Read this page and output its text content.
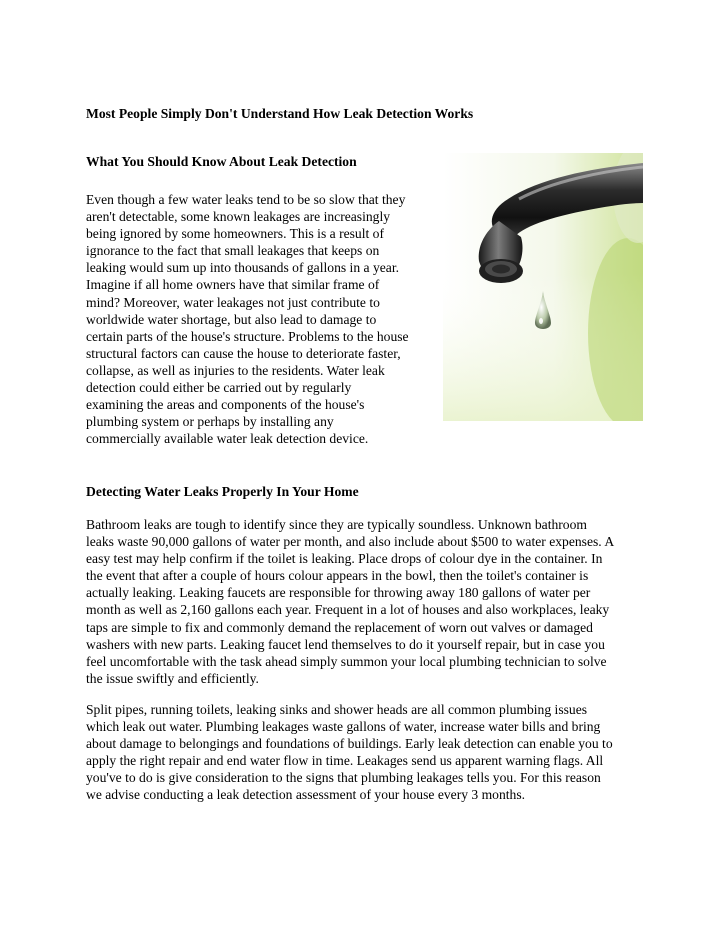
Most People Simply Don't Understand How Leak Detection Works
What You Should Know About Leak Detection

Even though a few water leaks tend to be so slow that they
aren't detectable, some known leakages are increasingly
being ignored by some homeowners. This is a result of
ignorance to the fact that small leakages that keeps on
leaking would sum up into thousands of gallons in a year.
Imagine if all home owners have that similar frame of
mind? Moreover, water leakages not just contribute to
worldwide water shortage, but also lead to damage to
certain parts of the house's structure. Problems to the house
structural factors can cause the house to deteriorate faster,
collapse, as well as injuries to the residents. Water leak
detection could either be carried out by regularly
examining the areas and components of the house's
plumbing system or perhaps by installing any
commercially available water leak detection device.

Detecting Water Leaks Properly In Your Home

Bathroom leaks are tough to identify since they are typically soundless. Unknown bathroom
leaks waste 90,000 gallons of water per month, and also include about $500 to water expenses. A
easy test may help confirm if the toilet is leaking. Place drops of colour dye in the container. In
the event that after a couple of hours colour appears in the bowl, then the toilet's container is
actually leaking. Leaking faucets are responsible for throwing away 180 gallons of water per
month as well as 2,160 gallons each year. Frequent in a lot of houses and also workplaces, leaky
taps are simple to fix and commonly demand the replacement of worn out valves or damaged
washers with new parts. Leaking faucet lend themselves to do it yourself repair, but in case you
feel uncomfortable with the task ahead simply summon your local plumbing technician to solve
the issue swiftly and efficiently.

Split pipes, running toilets, leaking sinks and shower heads are all common plumbing issues
which leak out water. Plumbing leakages waste gallons of water, increase water bills and bring
about damage to belongings and foundations of buildings. Early leak detection can enable you to
apply the right repair and end water flow in time. Leakages send us apparent warning flags. All
you've to do is give consideration to the signs that plumbing leakages tells you. For this reason
we advise conducting a leak detection assessment of your house every 3 months.
